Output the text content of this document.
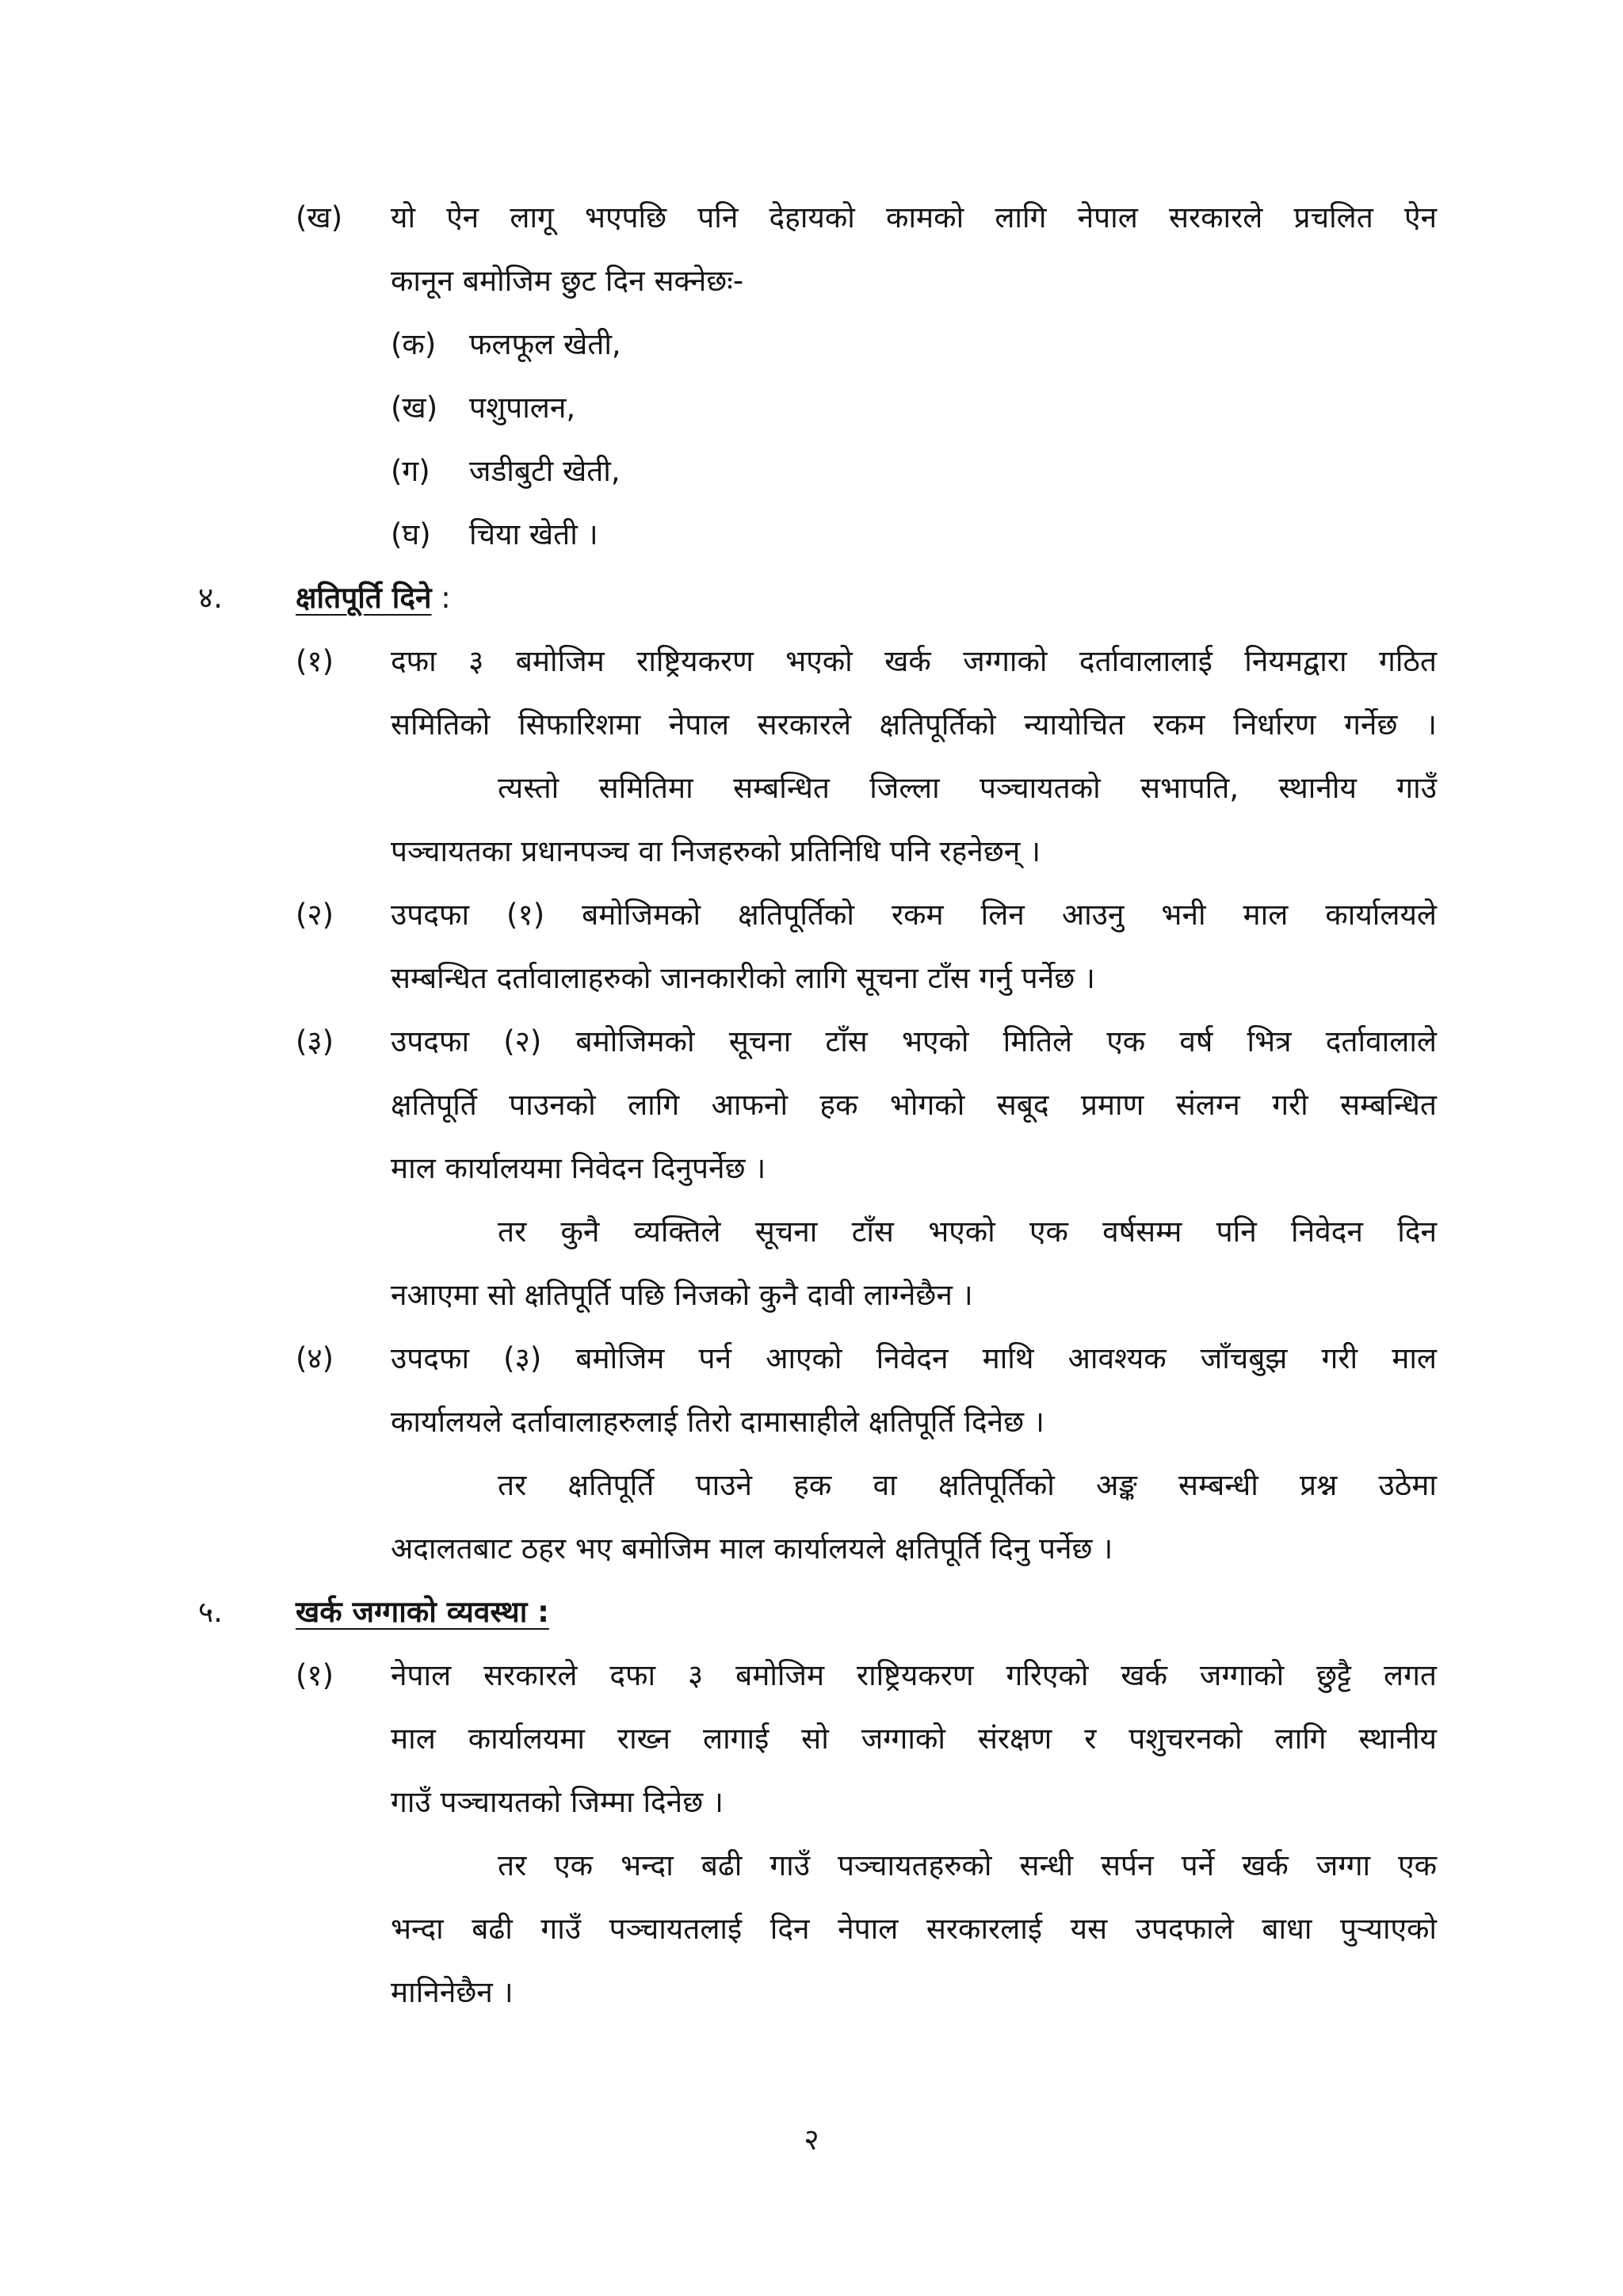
(ख) यो ऐन लागू भएपछि पनि देहायको कामको लागि नेपाल सरकारले प्रचलित ऐन
कानून बमोजिम छुट दिन सक्नेछः-
(क) फलफूल खेती,
(ख) पशुपालन,
(ग) जडीबुटी खेती,
(घ) चिया खेती ।
४. क्षतिपूर्ति दिने :
(१) दफा ३ बमोजिम राष्ट्रियकरण भएको खर्क जग्गाको दर्तावालालाई नियमद्वारा गठित
समितिको सिफारिशमा नेपाल सरकारले क्षतिपूर्तिको न्यायोचित रकम निर्धारण गर्नेछ ।
त्यस्तो समितिमा सम्बन्धित जिल्ला पञ्चायतको सभापति, स्थानीय गाउँ
पञ्चायतका प्रधानपञ्च वा निजहरुको प्रतिनिधि पनि रहनेछन् ।
(२) उपदफा (१) बमोजिमको क्षतिपूर्तिको रकम लिन आउनु भनी माल कार्यालयले
सम्बन्धित दर्तावालाहरुको जानकारीको लागि सूचना टाँस गर्नु पर्नेछ ।
(३) उपदफा (२) बमोजिमको सूचना टाँस भएको मितिले एक वर्ष भित्र दर्तावालाले
क्षतिपूर्ति पाउनको लागि आफनो हक भोगको सबूद प्रमाण संलग्न गरी सम्बन्धित
माल कार्यालयमा निवेदन दिनुपर्नेछ ।
तर कुनै व्यक्तिले सूचना टाँस भएको एक वर्षसम्म पनि निवेदन दिन
नआएमा सो क्षतिपूर्ति पछि निजको कुनै दावी लाग्नेछैन ।
(४) उपदफा (३) बमोजिम पर्न आएको निवेदन माथि आवश्यक जाँचबुझ गरी माल
कार्यालयले दर्तावालाहरुलाई तिरो दामासाहीले क्षतिपूर्ति दिनेछ ।
तर क्षतिपूर्ति पाउने हक वा क्षतिपूर्तिको अङ्क सम्बन्धी प्रश्न उठेमा
अदालतबाट ठहर भए बमोजिम माल कार्यालयले क्षतिपूर्ति दिनु पर्नेछ ।
५. खर्क जग्गाको व्यवस्था :
(१) नेपाल सरकारले दफा ३ बमोजिम राष्ट्रियकरण गरिएको खर्क जग्गाको छुट्टै लगत
माल कार्यालयमा राख्न लागाई सो जग्गाको संरक्षण र पशुचरनको लागि स्थानीय
गाउँ पञ्चायतको जिम्मा दिनेछ ।
तर एक भन्दा बढी गाउँ पञ्चायतहरुको सन्धी सर्पन पर्ने खर्क जग्गा एक
भन्दा बढी गाउँ पञ्चायतलाई दिन नेपाल सरकारलाई यस उपदफाले बाधा पुऱ्याएको
मानिनेछैन ।
२
